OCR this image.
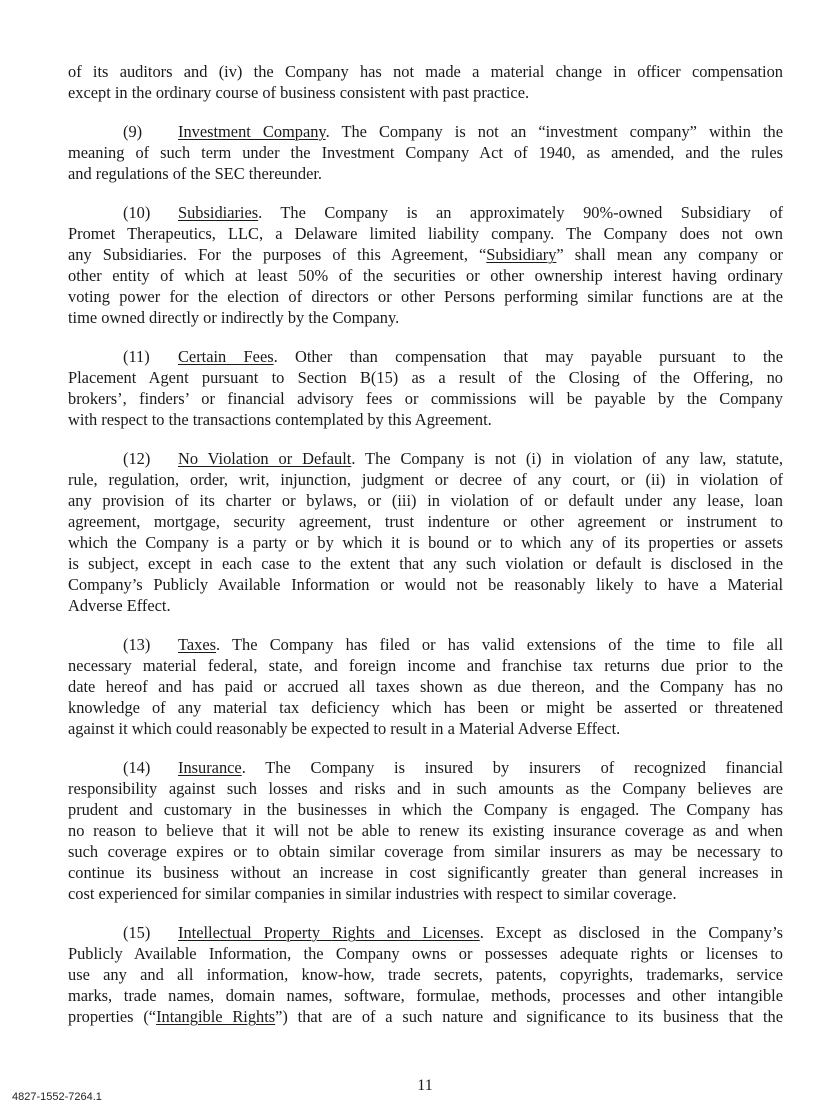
of its auditors and (iv) the Company has not made a material change in officer compensation
except in the ordinary course of business consistent with past practice.
(9) Investment Company. The Company is not an “investment company” within the
meaning of such term under the Investment Company Act of 1940, as amended, and the rules
and regulations of the SEC thereunder.
(10) Subsidiaries. The Company is an approximately 90%-owned Subsidiary of
Promet Therapeutics, LLC, a Delaware limited liability company. The Company does not own
any Subsidiaries. For the purposes of this Agreement, “Subsidiary” shall mean any company or
other entity of which at least 50% of the securities or other ownership interest having ordinary
voting power for the election of directors or other Persons performing similar functions are at the
time owned directly or indirectly by the Company.
(11) Certain Fees. Other than compensation that may payable pursuant to the
Placement Agent pursuant to Section B(15) as a result of the Closing of the Offering, no
brokers’, finders’ or financial advisory fees or commissions will be payable by the Company
with respect to the transactions contemplated by this Agreement.
(12) No Violation or Default. The Company is not (i) in violation of any law, statute,
rule, regulation, order, writ, injunction, judgment or decree of any court, or (ii) in violation of
any provision of its charter or bylaws, or (iii) in violation of or default under any lease, loan
agreement, mortgage, security agreement, trust indenture or other agreement or instrument to
which the Company is a party or by which it is bound or to which any of its properties or assets
is subject, except in each case to the extent that any such violation or default is disclosed in the
Company’s Publicly Available Information or would not be reasonably likely to have a Material
Adverse Effect.
(13) Taxes. The Company has filed or has valid extensions of the time to file all
necessary material federal, state, and foreign income and franchise tax returns due prior to the
date hereof and has paid or accrued all taxes shown as due thereon, and the Company has no
knowledge of any material tax deficiency which has been or might be asserted or threatened
against it which could reasonably be expected to result in a Material Adverse Effect.
(14) Insurance. The Company is insured by insurers of recognized financial
responsibility against such losses and risks and in such amounts as the Company believes are
prudent and customary in the businesses in which the Company is engaged. The Company has
no reason to believe that it will not be able to renew its existing insurance coverage as and when
such coverage expires or to obtain similar coverage from similar insurers as may be necessary to
continue its business without an increase in cost significantly greater than general increases in
cost experienced for similar companies in similar industries with respect to similar coverage.
(15) Intellectual Property Rights and Licenses. Except as disclosed in the Company’s
Publicly Available Information, the Company owns or possesses adequate rights or licenses to
use any and all information, know-how, trade secrets, patents, copyrights, trademarks, service
marks, trade names, domain names, software, formulae, methods, processes and other intangible
properties (“Intangible Rights”) that are of a such nature and significance to its business that the
11
4827-1552-7264.1
